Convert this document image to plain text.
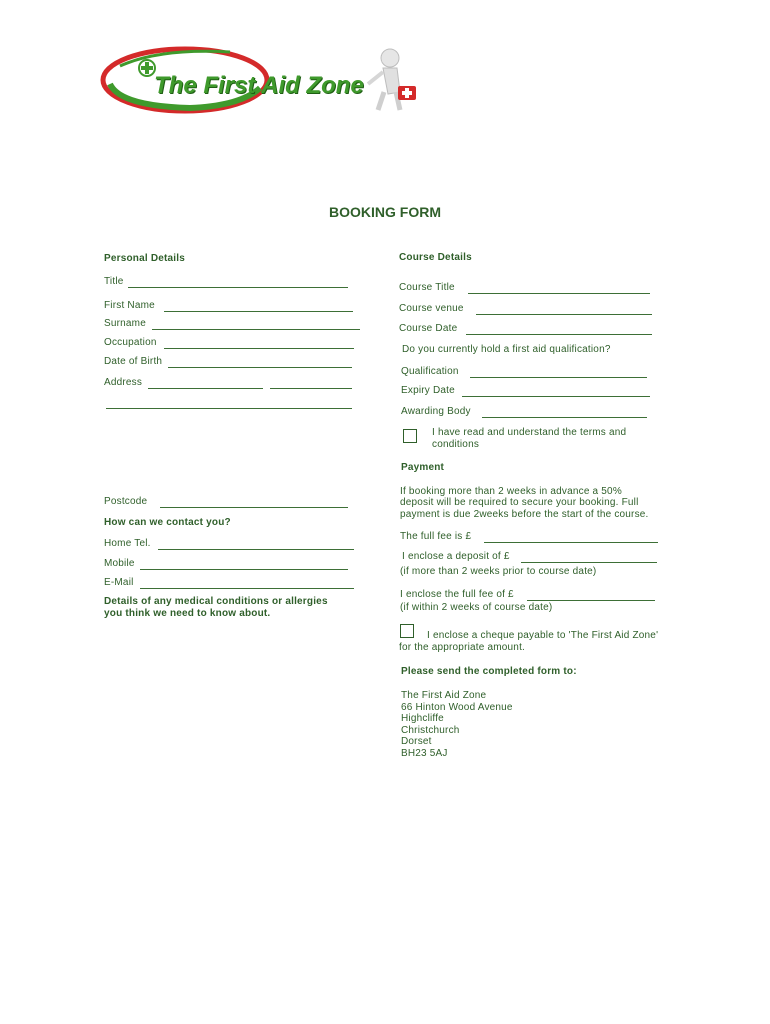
The First Aid Zone
BOOKING FORM
Personal Details
Title
First Name
Surname
Occupation
Date of Birth
Address
Postcode
How can we contact you?
Home Tel.
Mobile
E-Mail
Details of any medical conditions or allergies
you think we need to know about.
Course Details
Course Title
Course venue
Course Date
Do you currently hold a first aid qualification?
Qualification
Expiry Date
Awarding Body
I have read and understand the terms and
conditions
Payment
If booking more than 2 weeks in advance a 50%
deposit will be required to secure your booking. Full
payment is due 2weeks before the start of the course.
The full fee is £
I enclose a deposit of £
(if more than 2 weeks prior to course date)
I enclose the full fee of £
(if within 2 weeks of course date)
I enclose a cheque payable to 'The First Aid Zone'
for the appropriate amount.
Please send the completed form to:
The First Aid Zone
66 Hinton Wood Avenue
Highcliffe
Christchurch
Dorset
BH23 5AJ
